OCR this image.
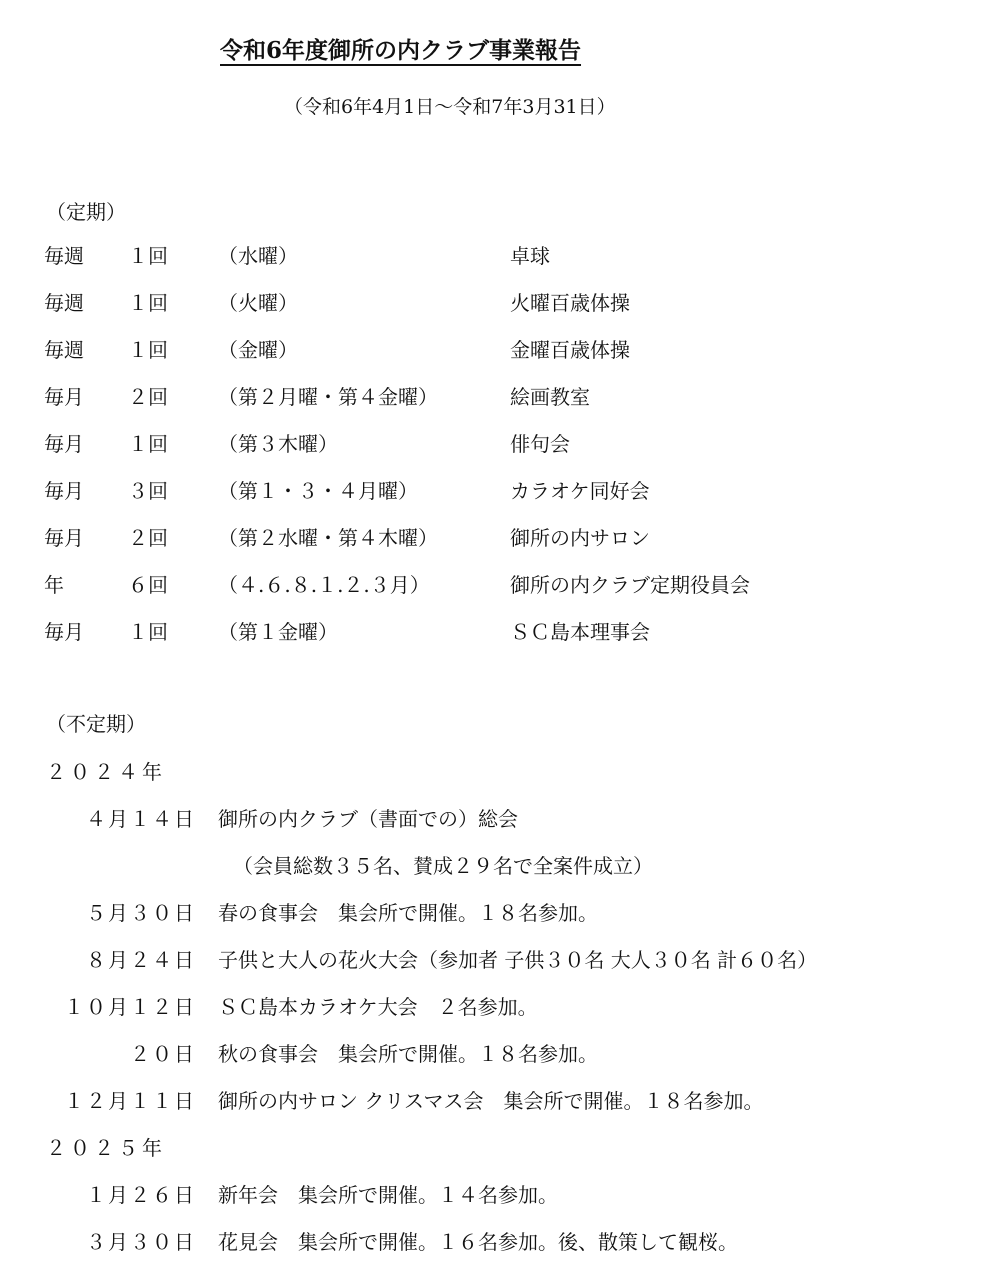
令和6年度御所の内クラブ事業報告
（令和6年4月1日～令和7年3月31日）
（定期）
毎週 １回	（水曜）	卓球
毎週 １回	（火曜）	火曜百歳体操
毎週 １回	（金曜）	金曜百歳体操
毎月 ２回	（第２月曜・第４金曜）	絵画教室
毎月 １回	（第３木曜）	俳句会
毎月 ３回	（第１・３・４月曜）	カラオケ同好会
毎月 ２回	（第２水曜・第４木曜）	御所の内サロン
年	６回	（４.６.８.１.２.３月）	御所の内クラブ定期役員会
毎月 １回	（第１金曜）	ＳＣ島本理事会
（不定期）
２０２４年
４月１４日 御所の内クラブ（書面での）総会
（会員総数３５名、賛成２９名で全案件成立）
５月３０日 春の食事会　集会所で開催。１８名参加。
８月２４日 子供と大人の花火大会（参加者 子供３０名 大人３０名 計６０名）
１０月１２日 ＳＣ島本カラオケ大会　２名参加。
２０日 秋の食事会　集会所で開催。１８名参加。
１２月１１日 御所の内サロン クリスマス会　集会所で開催。１８名参加。
２０２５年
１月２６日 新年会　集会所で開催。１４名参加。
３月３０日 花見会　集会所で開催。１６名参加。後、散策して観桜。
